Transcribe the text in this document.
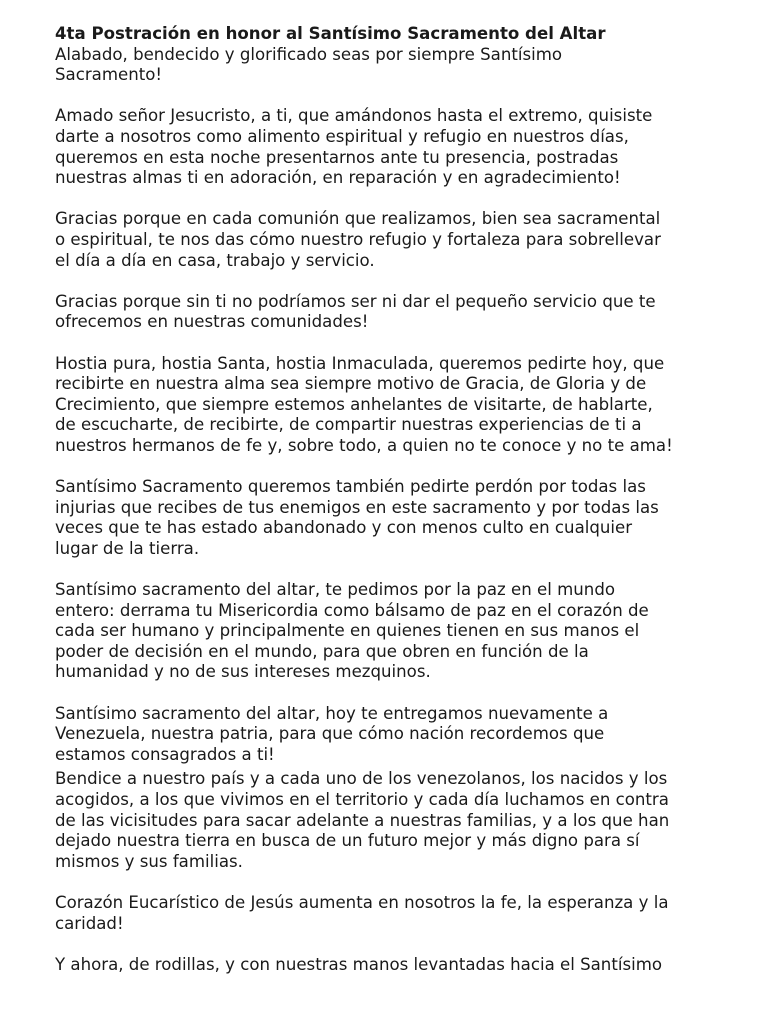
4ta Postración en honor al Santísimo Sacramento del Altar

Alabado, bendecido y glorificado seas por siempre Santísimo
Sacramento!

Amado señor Jesucristo, a ti, que amándonos hasta el extremo, quisiste
darte a nosotros como alimento espiritual y refugio en nuestros días,
queremos en esta noche presentarnos ante tu presencia, postradas
nuestras almas ti en adoración, en reparación y en agradecimiento!

Gracias porque en cada comunión que realizamos, bien sea sacramental
o espiritual, te nos das cómo nuestro refugio y fortaleza para sobrellevar
el día a día en casa, trabajo y servicio.

Gracias porque sin ti no podríamos ser ni dar el pequeño servicio que te
ofrecemos en nuestras comunidades!

Hostia pura, hostia Santa, hostia Inmaculada, queremos pedirte hoy, que
recibirte en nuestra alma sea siempre motivo de Gracia, de Gloria y de
Crecimiento, que siempre estemos anhelantes de visitarte, de hablarte,
de escucharte, de recibirte, de compartir nuestras experiencias de ti a
nuestros hermanos de fe y, sobre todo, a quien no te conoce y no te ama!

Santísimo Sacramento queremos también pedirte perdón por todas las
injurias que recibes de tus enemigos en este sacramento y por todas las
veces que te has estado abandonado y con menos culto en cualquier
lugar de la tierra.

Santísimo sacramento del altar, te pedimos por la paz en el mundo
entero: derrama tu Misericordia como bálsamo de paz en el corazón de
cada ser humano y principalmente en quienes tienen en sus manos el
poder de decisión en el mundo, para que obren en función de la
humanidad y no de sus intereses mezquinos.

Santísimo sacramento del altar, hoy te entregamos nuevamente a
Venezuela, nuestra patria, para que cómo nación recordemos que
estamos consagrados a ti!

Bendice a nuestro país y a cada uno de los venezolanos, los nacidos y los
acogidos, a los que vivimos en el territorio y cada día luchamos en contra
de las vicisitudes para sacar adelante a nuestras familias, y a los que han
dejado nuestra tierra en busca de un futuro mejor y más digno para sí
mismos y sus familias.

Corazón Eucarístico de Jesús aumenta en nosotros la fe, la esperanza y la
caridad!

Y ahora, de rodillas, y con nuestras manos levantadas hacia el Santísimo
